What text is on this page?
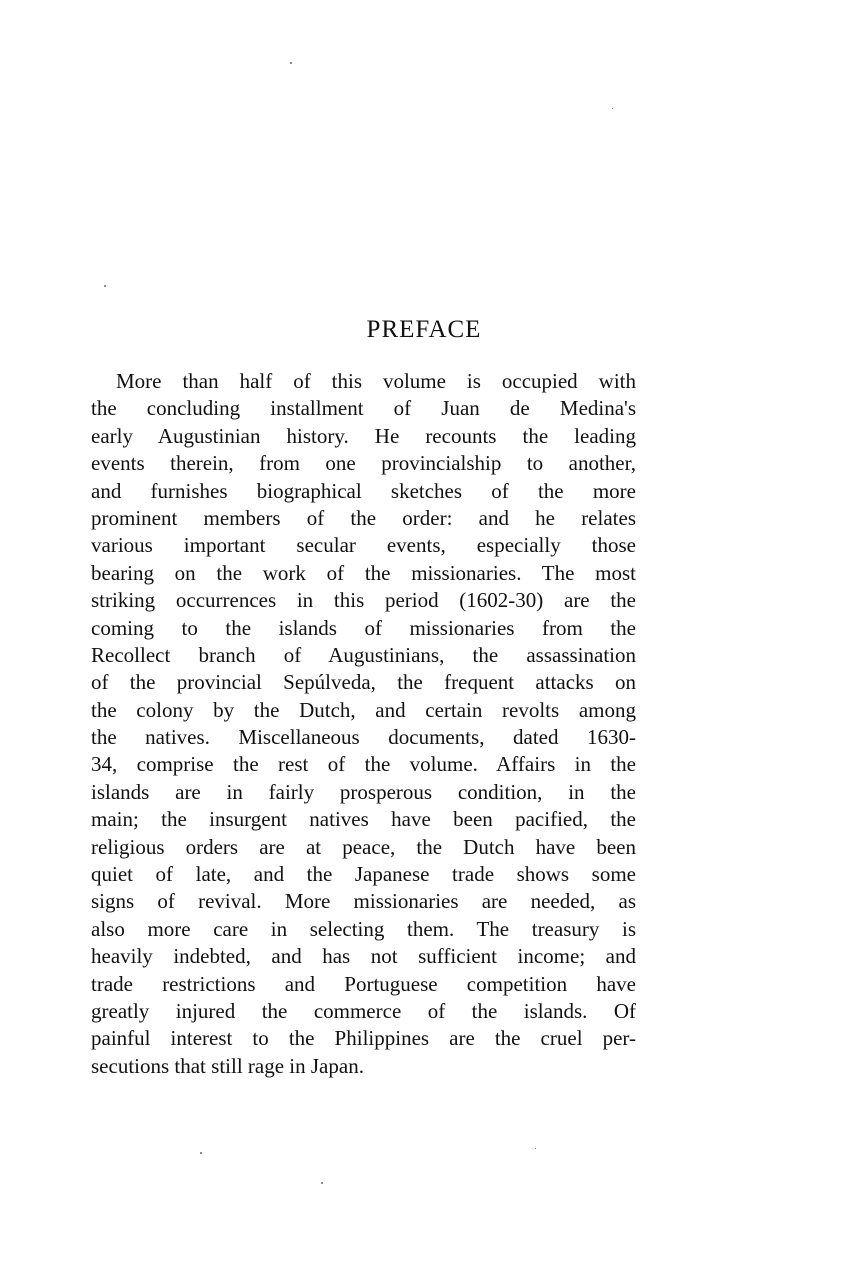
PREFACE
More than half of this volume is occupied with
the concluding installment of Juan de Medina's
early Augustinian history. He recounts the leading
events therein, from one provincialship to another,
and furnishes biographical sketches of the more
prominent members of the order: and he relates
various important secular events, especially those
bearing on the work of the missionaries. The most
striking occurrences in this period (1602-30) are the
coming to the islands of missionaries from the
Recollect branch of Augustinians, the assassination
of the provincial Sepúlveda, the frequent attacks on
the colony by the Dutch, and certain revolts among
the natives. Miscellaneous documents, dated 1630-
34, comprise the rest of the volume. Affairs in the
islands are in fairly prosperous condition, in the
main; the insurgent natives have been pacified, the
religious orders are at peace, the Dutch have been
quiet of late, and the Japanese trade shows some
signs of revival. More missionaries are needed, as
also more care in selecting them. The treasury is
heavily indebted, and has not sufficient income; and
trade restrictions and Portuguese competition have
greatly injured the commerce of the islands. Of
painful interest to the Philippines are the cruel per-
secutions that still rage in Japan.
